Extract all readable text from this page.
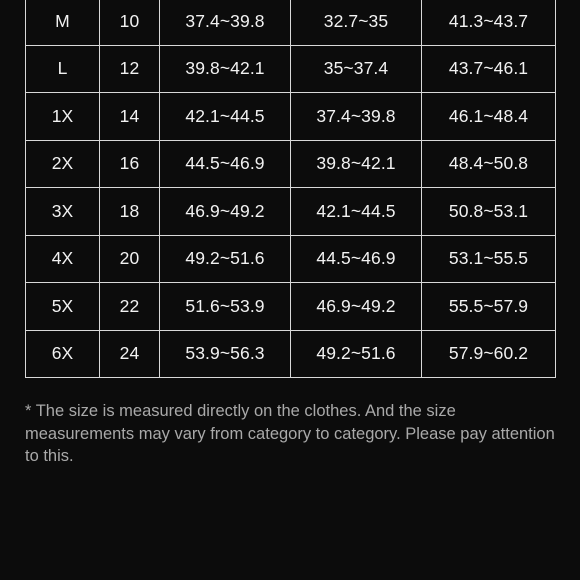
M	10	37.4~39.8	32.7~35	41.3~43.7
L	12	39.8~42.1	35~37.4	43.7~46.1
1X	14	42.1~44.5	37.4~39.8	46.1~48.4
2X	16	44.5~46.9	39.8~42.1	48.4~50.8
3X	18	46.9~49.2	42.1~44.5	50.8~53.1
4X	20	49.2~51.6	44.5~46.9	53.1~55.5
5X	22	51.6~53.9	46.9~49.2	55.5~57.9
6X	24	53.9~56.3	49.2~51.6	57.9~60.2

* The size is measured directly on the clothes. And the size measurements may vary from category to category. Please pay attention to this.
